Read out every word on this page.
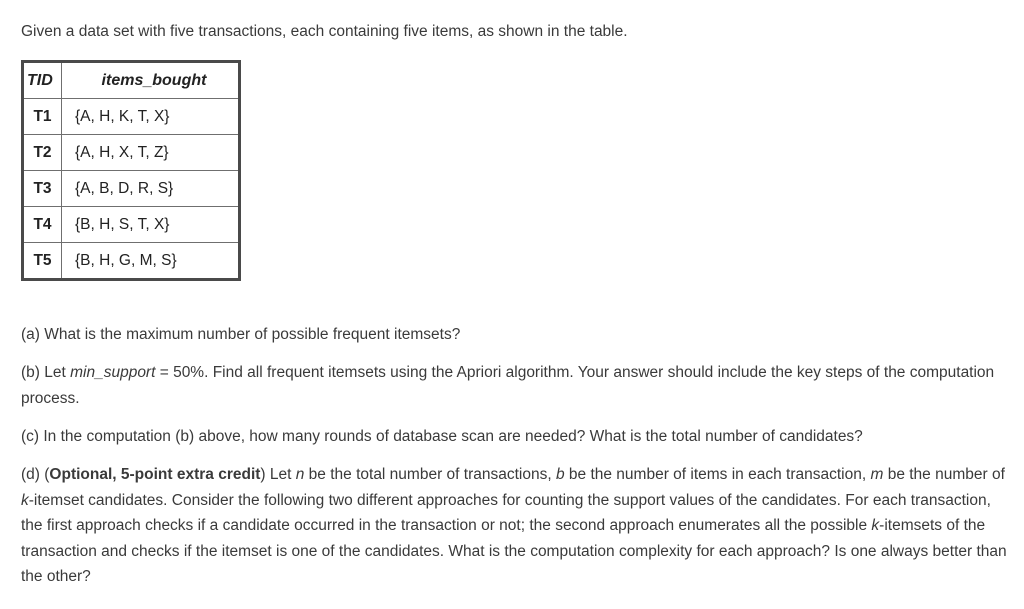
Given a data set with five transactions, each containing five items, as shown in the table.

TID	items_bought
T1	{A, H, K, T, X}
T2	{A, H, X, T, Z}
T3	{A, B, D, R, S}
T4	{B, H, S, T, X}
T5	{B, H, G, M, S}

(a) What is the maximum number of possible frequent itemsets?

(b) Let min_support = 50%. Find all frequent itemsets using the Apriori algorithm. Your answer should include the key steps of the computation process.

(c) In the computation (b) above, how many rounds of database scan are needed? What is the total number of candidates?

(d) (Optional, 5-point extra credit) Let n be the total number of transactions, b be the number of items in each transaction, m be the number of k-itemset candidates. Consider the following two different approaches for counting the support values of the candidates. For each transaction, the first approach checks if a candidate occurred in the transaction or not; the second approach enumerates all the possible k-itemsets of the transaction and checks if the itemset is one of the candidates. What is the computation complexity for each approach? Is one always better than the other?
